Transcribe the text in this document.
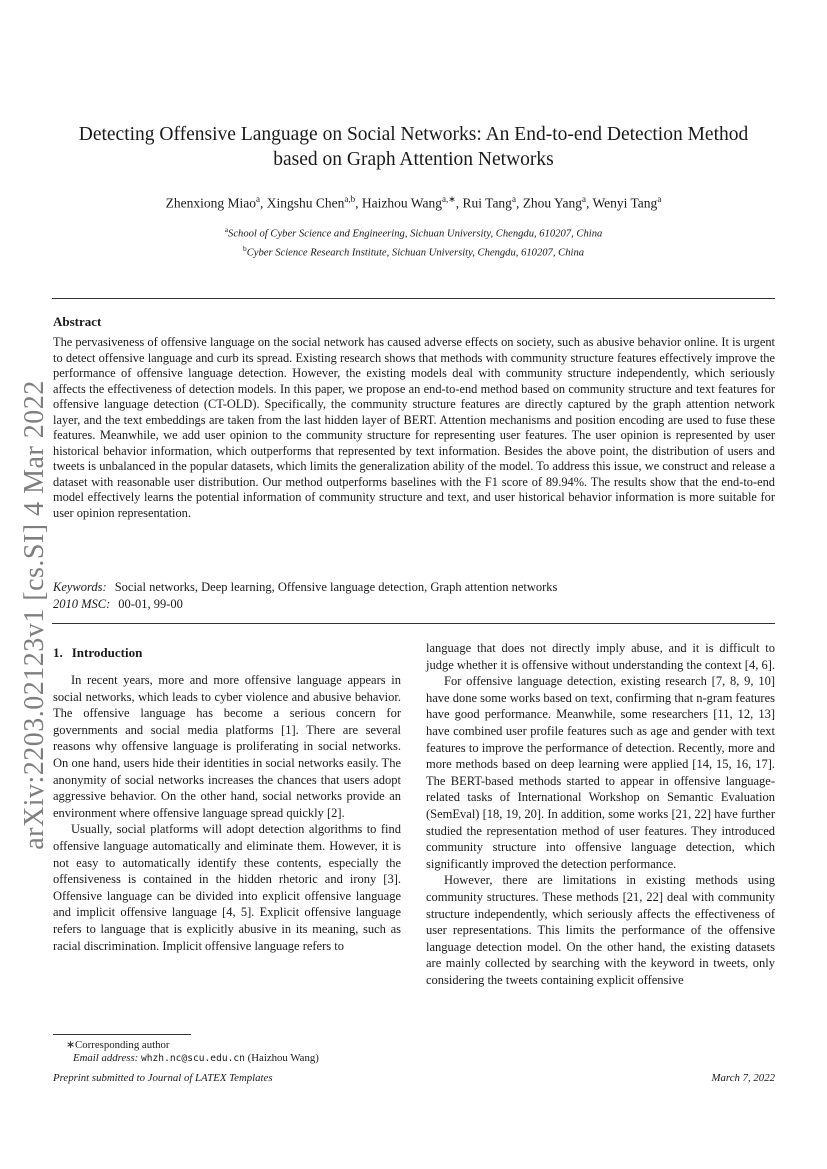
arXiv:2203.02123v1 [cs.SI] 4 Mar 2022
Detecting Offensive Language on Social Networks: An End-to-end Detection Method based on Graph Attention Networks
Zhenxiong Miao$^a$, Xingshu Chen$^{a,b}$, Haizhou Wang$^{a,∗}$, Rui Tang$^a$, Zhou Yang$^a$, Wenyi Tang$^a$
$^a$School of Cyber Science and Engineering, Sichuan University, Chengdu, 610207, China
$^b$Cyber Science Research Institute, Sichuan University, Chengdu, 610207, China
Abstract
The pervasiveness of offensive language on the social network has caused adverse effects on society, such as abusive behavior online. It is urgent to detect offensive language and curb its spread. Existing research shows that methods with community structure features effectively improve the performance of offensive language detection. However, the existing models deal with community structure independently, which seriously affects the effectiveness of detection models. In this paper, we propose an end-to-end method based on community structure and text features for offensive language detection (CT-OLD). Specifically, the community structure features are directly captured by the graph attention network layer, and the text embeddings are taken from the last hidden layer of BERT. Attention mechanisms and position encoding are used to fuse these features. Meanwhile, we add user opinion to the community structure for representing user features. The user opinion is represented by user historical behavior information, which outperforms that represented by text information. Besides the above point, the distribution of users and tweets is unbalanced in the popular datasets, which limits the generalization ability of the model. To address this issue, we construct and release a dataset with reasonable user distribution. Our method outperforms baselines with the F1 score of 89.94%. The results show that the end-to-end model effectively learns the potential information of community structure and text, and user historical behavior information is more suitable for user opinion representation.
Keywords: Social networks, Deep learning, Offensive language detection, Graph attention networks
2010 MSC: 00-01, 99-00
1. Introduction

In recent years, more and more offensive language appears in social networks, which leads to cyber violence and abusive behavior. The offensive language has become a serious concern for governments and social media platforms [1]. There are several reasons why offensive language is proliferating in social networks. On one hand, users hide their identities in social networks easily. The anonymity of social networks increases the chances that users adopt aggressive behavior. On the other hand, social networks provide an environment where offensive language spread quickly [2].

Usually, social platforms will adopt detection algorithms to find offensive language automatically and eliminate them. However, it is not easy to automatically identify these contents, especially the offensiveness is contained in the hidden rhetoric and irony [3]. Offensive language can be divided into explicit offensive language and implicit offensive language [4, 5]. Explicit offensive language refers to language that is explicitly abusive in its meaning, such as racial discrimination. Implicit offensive language refers to

language that does not directly imply abuse, and it is difficult to judge whether it is offensive without understanding the context [4, 6].

For offensive language detection, existing research [7, 8, 9, 10] have done some works based on text, confirming that n-gram features have good performance. Meanwhile, some researchers [11, 12, 13] have combined user profile features such as age and gender with text features to improve the performance of detection. Recently, more and more methods based on deep learning were applied [14, 15, 16, 17]. The BERT-based methods started to appear in offensive language-related tasks of International Workshop on Semantic Evaluation (SemEval) [18, 19, 20]. In addition, some works [21, 22] have further studied the representation method of user features. They introduced community structure into offensive language detection, which significantly improved the detection performance.

However, there are limitations in existing methods using community structures. These methods [21, 22] deal with community structure independently, which seriously affects the effectiveness of user representations. This limits the performance of the offensive language detection model. On the other hand, the existing datasets are mainly collected by searching with the keyword in tweets, only considering the tweets containing explicit offensive

∗Corresponding author
Email address: whzh.nc@scu.edu.cn (Haizhou Wang)
Preprint submitted to Journal of LATEX Templates	March 7, 2022
